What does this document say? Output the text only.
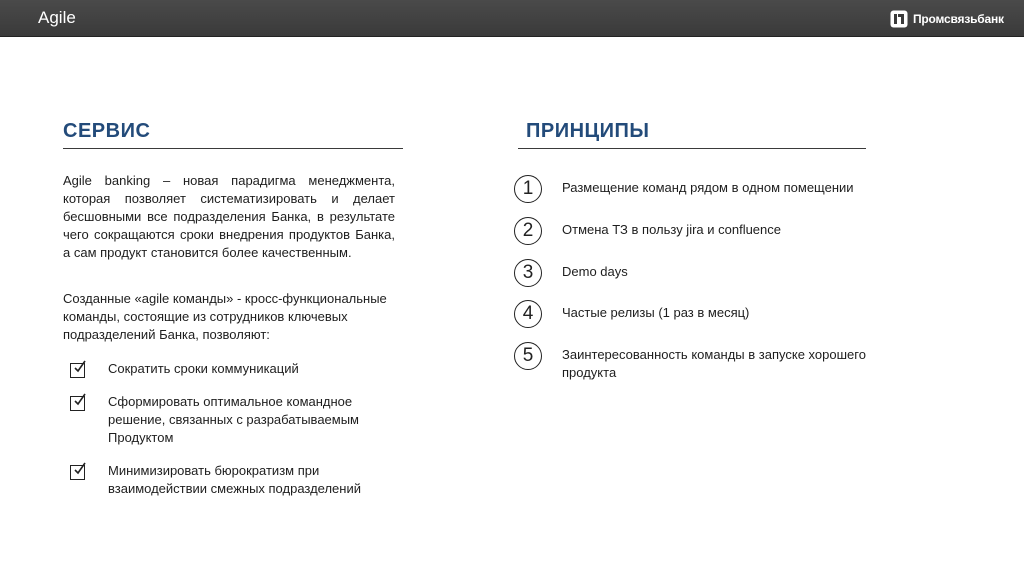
Agile	Промсвязьбанк
СЕРВИС
Agile banking – новая парадигма менеджмента, которая позволяет систематизировать и делает бесшовными все подразделения Банка, в результате чего сокращаются сроки внедрения продуктов Банка, а сам продукт становится более качественным.
Созданные «agile команды» - кросс-функциональные команды, состоящие из сотрудников ключевых подразделений Банка, позволяют:
Сократить сроки коммуникаций
Сформировать оптимальное командное решение, связанных с разрабатываемым Продуктом
Минимизировать бюрократизм при взаимодействии смежных подразделений
ПРИНЦИПЫ
1	Размещение команд рядом в одном помещении
2	Отмена ТЗ в пользу jira и confluence
3	Demo days
4	Частые релизы (1 раз в месяц)
5	Заинтересованность команды в запуске хорошего продукта
